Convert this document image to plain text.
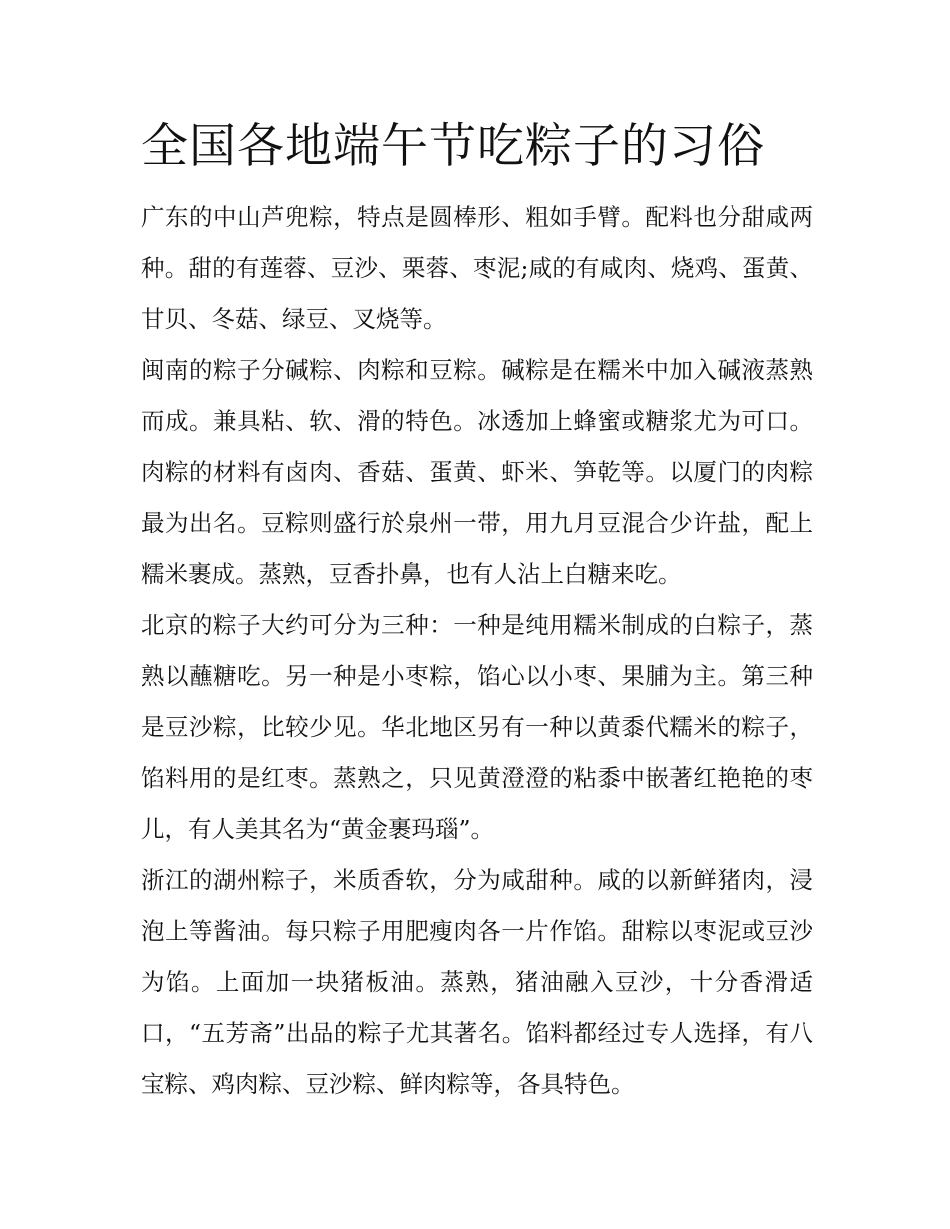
全国各地端午节吃粽子的习俗

广东的中山芦兜粽，特点是圆棒形、粗如手臂。配料也分甜咸两种。甜的有莲蓉、豆沙、栗蓉、枣泥;咸的有咸肉、烧鸡、蛋黄、甘贝、冬菇、绿豆、叉烧等。

闽南的粽子分碱粽、肉粽和豆粽。碱粽是在糯米中加入碱液蒸熟而成。兼具粘、软、滑的特色。冰透加上蜂蜜或糖浆尤为可口。肉粽的材料有卤肉、香菇、蛋黄、虾米、笋乾等。以厦门的肉粽最为出名。豆粽则盛行於泉州一带，用九月豆混合少许盐，配上糯米裹成。蒸熟，豆香扑鼻，也有人沾上白糖来吃。

北京的粽子大约可分为三种：一种是纯用糯米制成的白粽子，蒸熟以蘸糖吃。另一种是小枣粽，馅心以小枣、果脯为主。第三种是豆沙粽，比较少见。华北地区另有一种以黄黍代糯米的粽子，馅料用的是红枣。蒸熟之，只见黄澄澄的粘黍中嵌著红艳艳的枣儿，有人美其名为“黄金裹玛瑙”。

浙江的湖州粽子，米质香软，分为咸甜种。咸的以新鲜猪肉，浸泡上等酱油。每只粽子用肥瘦肉各一片作馅。甜粽以枣泥或豆沙为馅。上面加一块猪板油。蒸熟，猪油融入豆沙，十分香滑适口，“五芳斋”出品的粽子尤其著名。馅料都经过专人选择，有八宝粽、鸡肉粽、豆沙粽、鲜肉粽等，各具特色。
